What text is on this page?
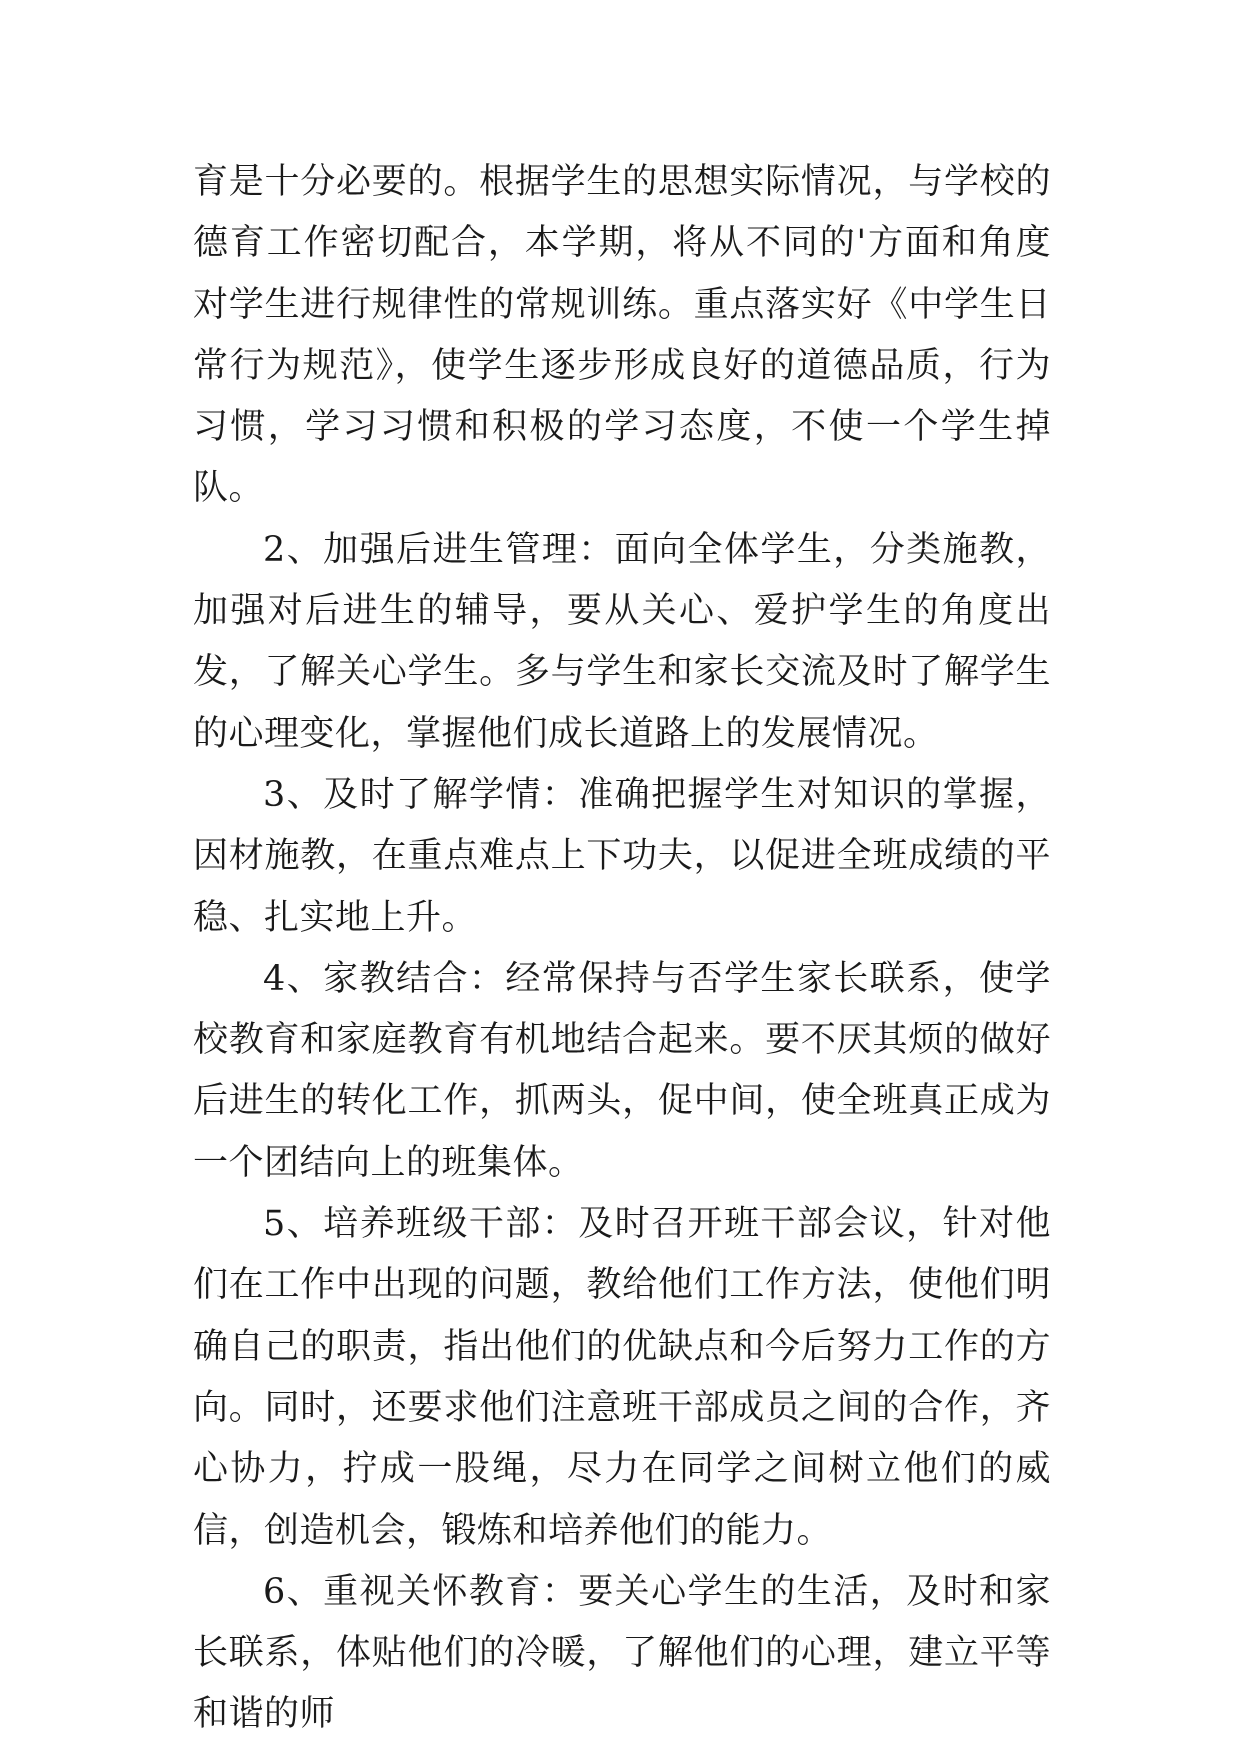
育是十分必要的。根据学生的思想实际情况，与学校的德育工作密切配合，本学期，将从不同的'方面和角度对学生进行规律性的常规训练。重点落实好《中学生日常行为规范》，使学生逐步形成良好的道德品质，行为习惯，学习习惯和积极的学习态度，不使一个学生掉队。

2、加强后进生管理：面向全体学生，分类施教，加强对后进生的辅导，要从关心、爱护学生的角度出发，了解关心学生。多与学生和家长交流及时了解学生的心理变化，掌握他们成长道路上的发展情况。

3、及时了解学情：准确把握学生对知识的掌握，因材施教，在重点难点上下功夫，以促进全班成绩的平稳、扎实地上升。

4、家教结合：经常保持与否学生家长联系，使学校教育和家庭教育有机地结合起来。要不厌其烦的做好后进生的转化工作，抓两头，促中间，使全班真正成为一个团结向上的班集体。

5、培养班级干部：及时召开班干部会议，针对他们在工作中出现的问题，教给他们工作方法，使他们明确自己的职责，指出他们的优缺点和今后努力工作的方向。同时，还要求他们注意班干部成员之间的合作，齐心协力，拧成一股绳，尽力在同学之间树立他们的威信，创造机会，锻炼和培养他们的能力。

6、重视关怀教育：要关心学生的生活，及时和家长联系，体贴他们的冷暖，了解他们的心理，建立平等和谐的师
